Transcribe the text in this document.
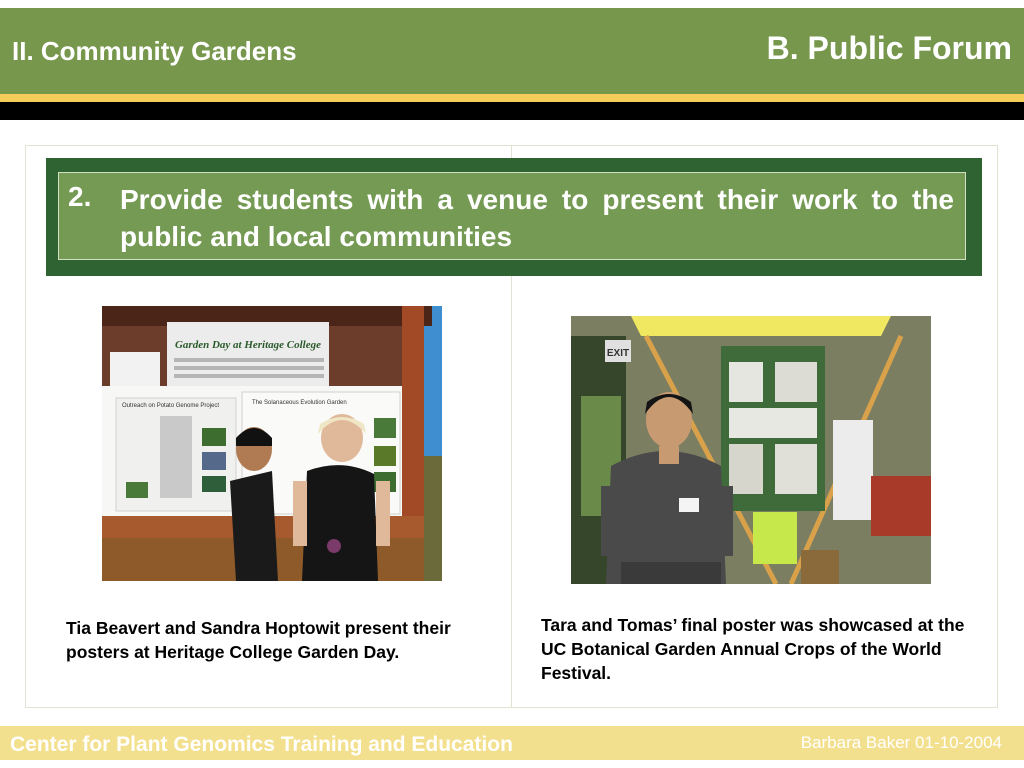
II. Community Gardens	B. Public Forum
2. Provide students with a venue to present their work to the public and local communities
Garden Day at Heritage College
Outreach on Potato Genome Project	The Solanaceous Evolution Garden
EXIT
Tia Beavert and Sandra Hoptowit present their posters at Heritage College Garden Day.
Tara and Tomas’ final poster was showcased at the UC Botanical Garden Annual Crops of the World Festival.
Center for Plant Genomics Training and Education	Barbara Baker 01-10-2004
